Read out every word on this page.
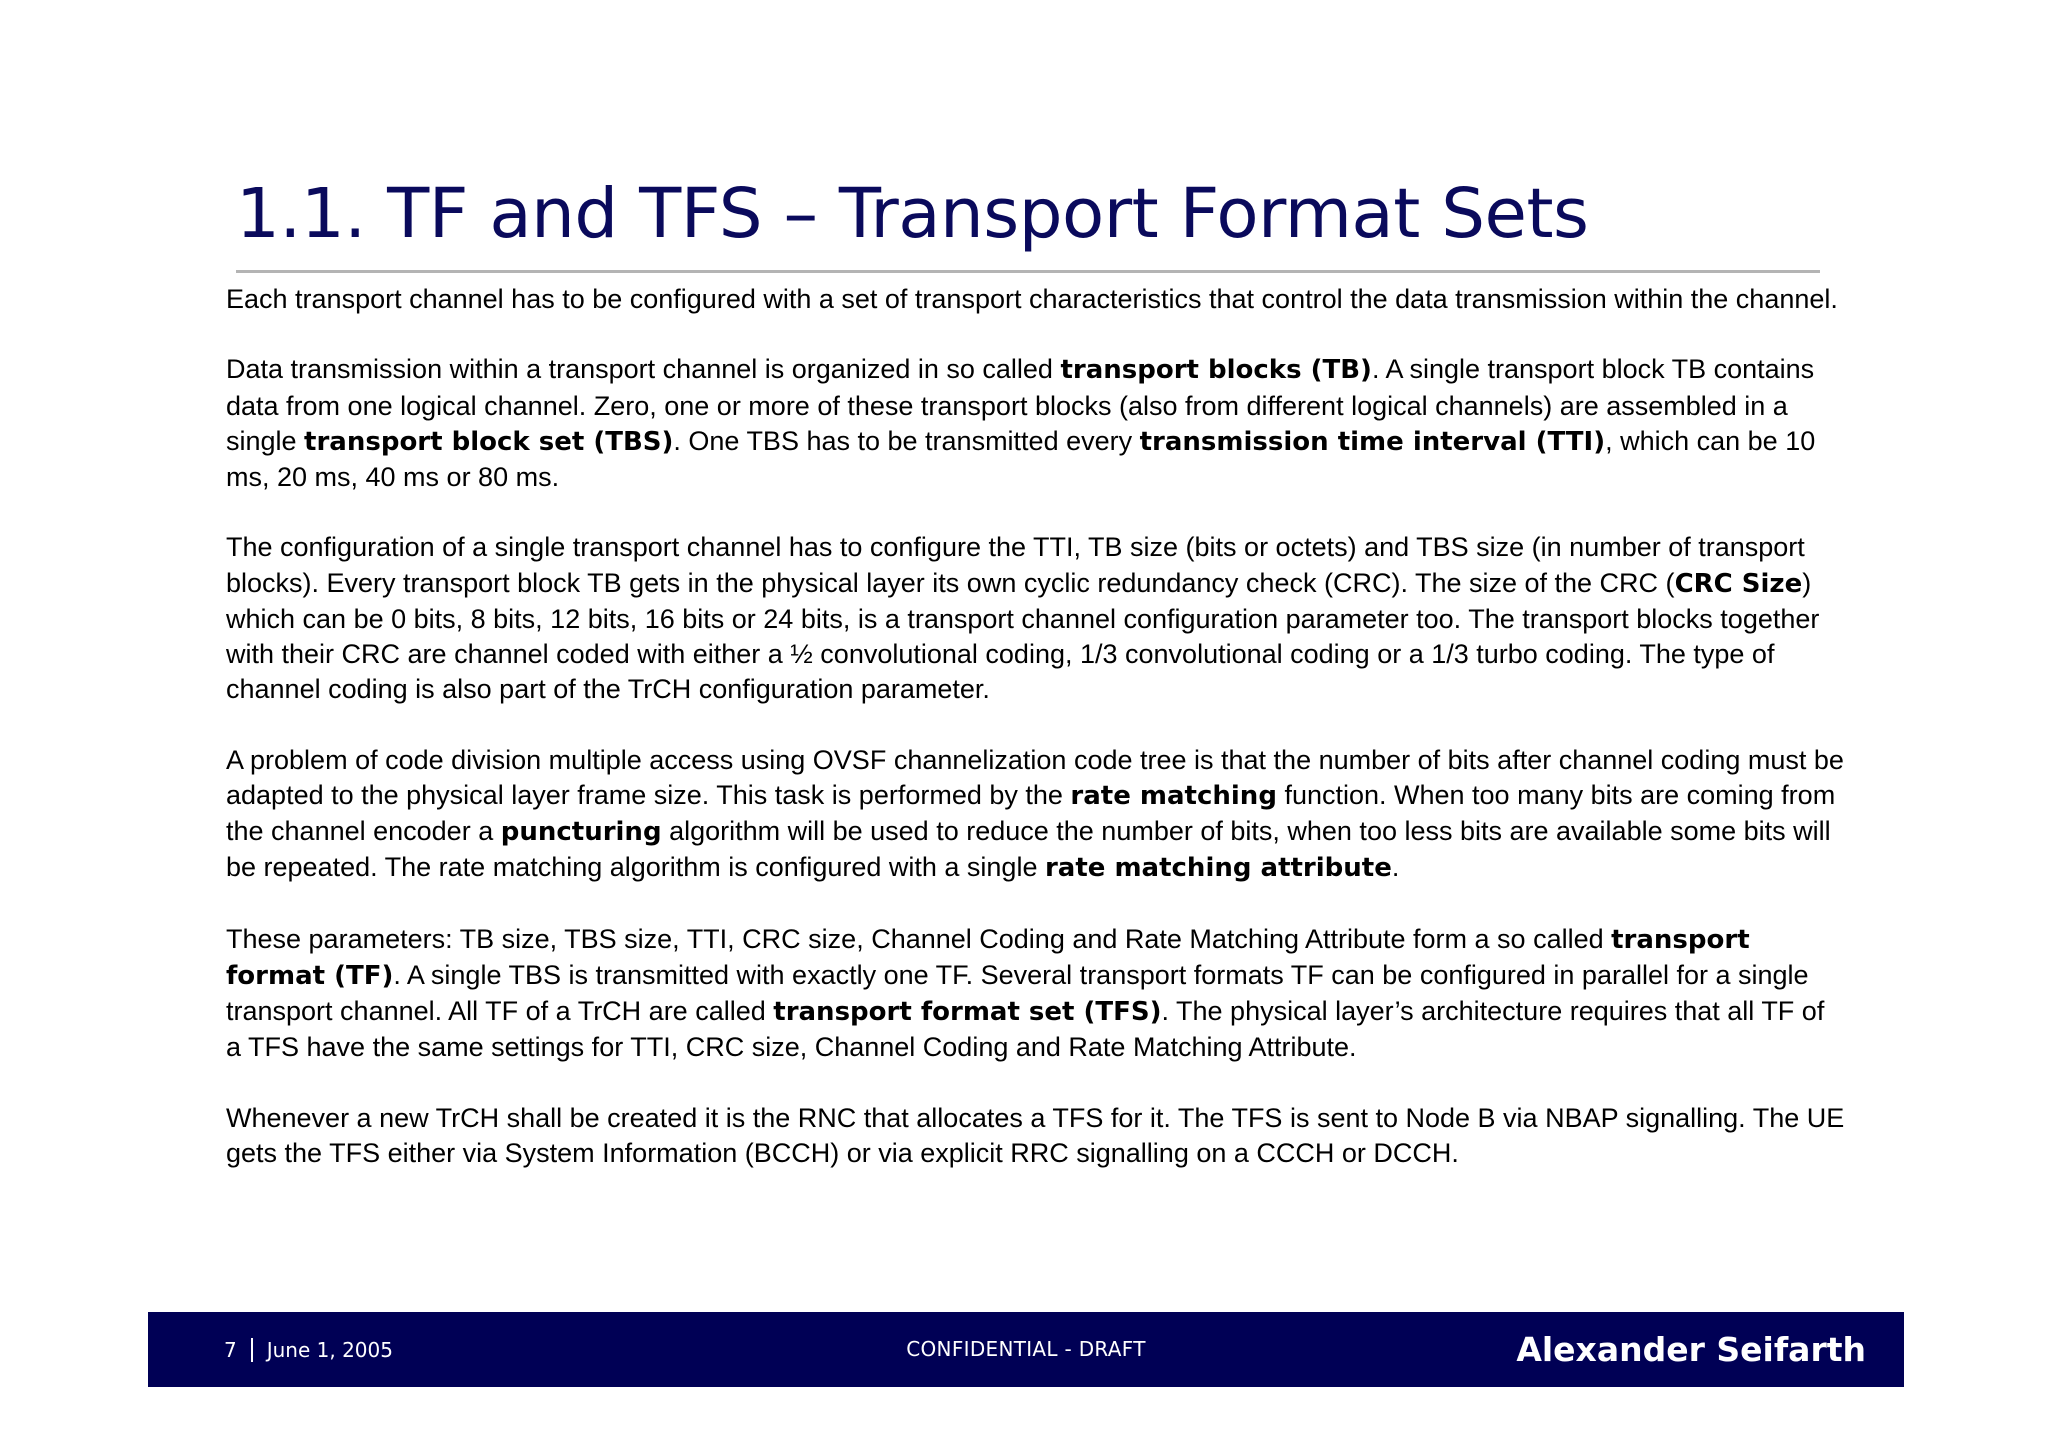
1.1. TF and TFS – Transport Format Sets

Each transport channel has to be configured with a set of transport characteristics that control the data transmission within the channel.

Data transmission within a transport channel is organized in so called transport blocks (TB). A single transport block TB contains data from one logical channel. Zero, one or more of these transport blocks (also from different logical channels) are assembled in a single transport block set (TBS). One TBS has to be transmitted every transmission time interval (TTI), which can be 10 ms, 20 ms, 40 ms or 80 ms.

The configuration of a single transport channel has to configure the TTI, TB size (bits or octets) and TBS size (in number of transport blocks). Every transport block TB gets in the physical layer its own cyclic redundancy check (CRC). The size of the CRC (CRC Size) which can be 0 bits, 8 bits, 12 bits, 16 bits or 24 bits, is a transport channel configuration parameter too. The transport blocks together with their CRC are channel coded with either a ½ convolutional coding, 1/3 convolutional coding or a 1/3 turbo coding. The type of channel coding is also part of the TrCH configuration parameter.

A problem of code division multiple access using OVSF channelization code tree is that the number of bits after channel coding must be adapted to the physical layer frame size. This task is performed by the rate matching function. When too many bits are coming from the channel encoder a puncturing algorithm will be used to reduce the number of bits, when too less bits are available some bits will be repeated. The rate matching algorithm is configured with a single rate matching attribute.

These parameters: TB size, TBS size, TTI, CRC size, Channel Coding and Rate Matching Attribute form a so called transport format (TF). A single TBS is transmitted with exactly one TF. Several transport formats TF can be configured in parallel for a single transport channel. All TF of a TrCH are called transport format set (TFS). The physical layer’s architecture requires that all TF of a TFS have the same settings for TTI, CRC size, Channel Coding and Rate Matching Attribute.

Whenever a new TrCH shall be created it is the RNC that allocates a TFS for it. The TFS is sent to Node B via NBAP signalling. The UE gets the TFS either via System Information (BCCH) or via explicit RRC signalling on a CCCH or DCCH.

7 June 1, 2005	CONFIDENTIAL - DRAFT	Alexander Seifarth
